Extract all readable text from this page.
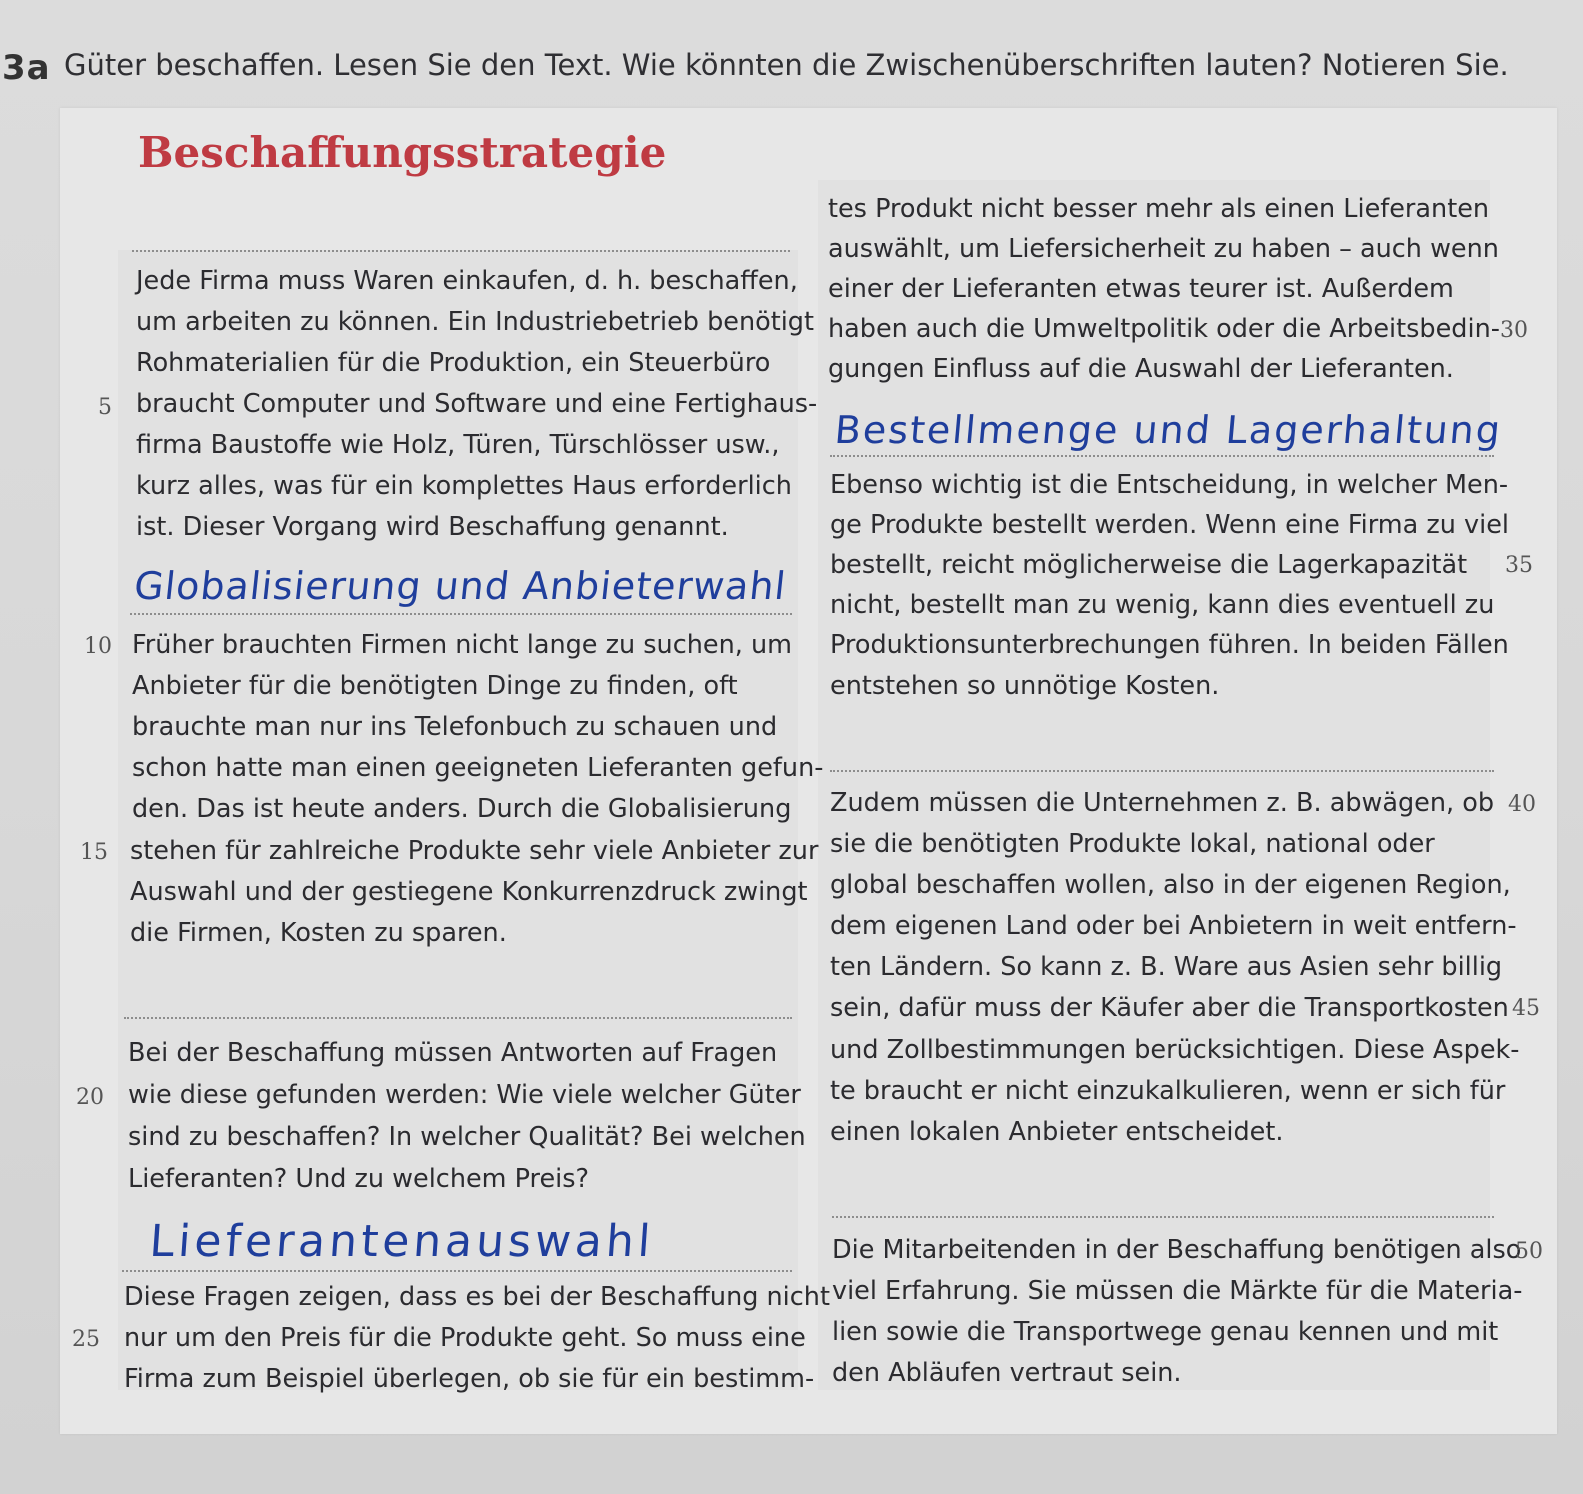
3a Güter beschaffen. Lesen Sie den Text. Wie könnten die Zwischenüberschriften lauten? Notieren Sie.
Beschaffungsstrategie
Globalisierung und Anbieterwahl
Lieferantenauswahl
Bestellmenge und Lagerhaltung
Jede Firma muss Waren einkaufen, d. h. beschaffen,
um arbeiten zu können. Ein Industriebetrieb benötigt
Rohmaterialien für die Produktion, ein Steuerbüro
braucht Computer und Software und eine Fertighaus-
firma Baustoffe wie Holz, Türen, Türschlösser usw.,
kurz alles, was für ein komplettes Haus erforderlich
ist. Dieser Vorgang wird Beschaffung genannt.
Früher brauchten Firmen nicht lange zu suchen, um
Anbieter für die benötigten Dinge zu finden, oft
brauchte man nur ins Telefonbuch zu schauen und
schon hatte man einen geeigneten Lieferanten gefun-
den. Das ist heute anders. Durch die Globalisierung
stehen für zahlreiche Produkte sehr viele Anbieter zur
Auswahl und der gestiegene Konkurrenzdruck zwingt
die Firmen, Kosten zu sparen.
Bei der Beschaffung müssen Antworten auf Fragen
wie diese gefunden werden: Wie viele welcher Güter
sind zu beschaffen? In welcher Qualität? Bei welchen
Lieferanten? Und zu welchem Preis?
Diese Fragen zeigen, dass es bei der Beschaffung nicht
nur um den Preis für die Produkte geht. So muss eine
Firma zum Beispiel überlegen, ob sie für ein bestimm-
tes Produkt nicht besser mehr als einen Lieferanten
auswählt, um Liefersicherheit zu haben – auch wenn
einer der Lieferanten etwas teurer ist. Außerdem
haben auch die Umweltpolitik oder die Arbeitsbedin-
gungen Einfluss auf die Auswahl der Lieferanten.
Ebenso wichtig ist die Entscheidung, in welcher Men-
ge Produkte bestellt werden. Wenn eine Firma zu viel
bestellt, reicht möglicherweise die Lagerkapazität
nicht, bestellt man zu wenig, kann dies eventuell zu
Produktionsunterbrechungen führen. In beiden Fällen
entstehen so unnötige Kosten.
Zudem müssen die Unternehmen z. B. abwägen, ob
sie die benötigten Produkte lokal, national oder
global beschaffen wollen, also in der eigenen Region,
dem eigenen Land oder bei Anbietern in weit entfern-
ten Ländern. So kann z. B. Ware aus Asien sehr billig
sein, dafür muss der Käufer aber die Transportkosten
und Zollbestimmungen berücksichtigen. Diese Aspek-
te braucht er nicht einzukalkulieren, wenn er sich für
einen lokalen Anbieter entscheidet.
Die Mitarbeitenden in der Beschaffung benötigen also
viel Erfahrung. Sie müssen die Märkte für die Materia-
lien sowie die Transportwege genau kennen und mit
den Abläufen vertraut sein.
5
10
15
20
25
30
35
40
45
50
